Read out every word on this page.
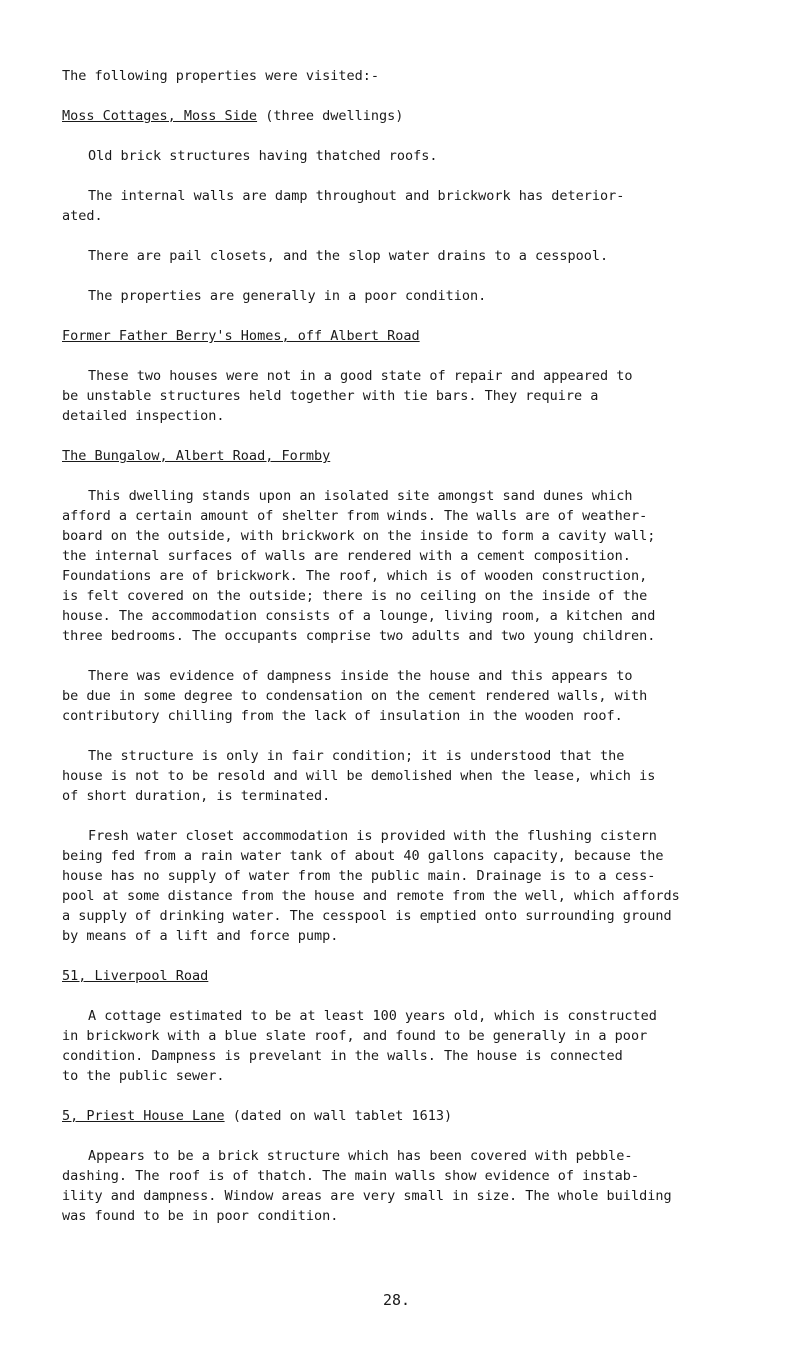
The following properties were visited:-

Moss Cottages, Moss Side (three dwellings)

Old brick structures having thatched roofs.

The internal walls are damp throughout and brickwork has deterior-
ated.

There are pail closets, and the slop water drains to a cesspool.

The properties are generally in a poor condition.

Former Father Berry's Homes, off Albert Road

These two houses were not in a good state of repair and appeared to
be unstable structures held together with tie bars. They require a
detailed inspection.

The Bungalow, Albert Road, Formby

This dwelling stands upon an isolated site amongst sand dunes which
afford a certain amount of shelter from winds. The walls are of weather-
board on the outside, with brickwork on the inside to form a cavity wall;
the internal surfaces of walls are rendered with a cement composition.
Foundations are of brickwork. The roof, which is of wooden construction,
is felt covered on the outside; there is no ceiling on the inside of the
house. The accommodation consists of a lounge, living room, a kitchen and
three bedrooms. The occupants comprise two adults and two young children.

There was evidence of dampness inside the house and this appears to
be due in some degree to condensation on the cement rendered walls, with
contributory chilling from the lack of insulation in the wooden roof.

The structure is only in fair condition; it is understood that the
house is not to be resold and will be demolished when the lease, which is
of short duration, is terminated.

Fresh water closet accommodation is provided with the flushing cistern
being fed from a rain water tank of about 40 gallons capacity, because the
house has no supply of water from the public main. Drainage is to a cess-
pool at some distance from the house and remote from the well, which affords
a supply of drinking water. The cesspool is emptied onto surrounding ground
by means of a lift and force pump.

51, Liverpool Road

A cottage estimated to be at least 100 years old, which is constructed
in brickwork with a blue slate roof, and found to be generally in a poor
condition. Dampness is prevelant in the walls. The house is connected
to the public sewer.

5, Priest House Lane (dated on wall tablet 1613)

Appears to be a brick structure which has been covered with pebble-
dashing. The roof is of thatch. The main walls show evidence of instab-
ility and dampness. Window areas are very small in size. The whole building
was found to be in poor condition.

28.
